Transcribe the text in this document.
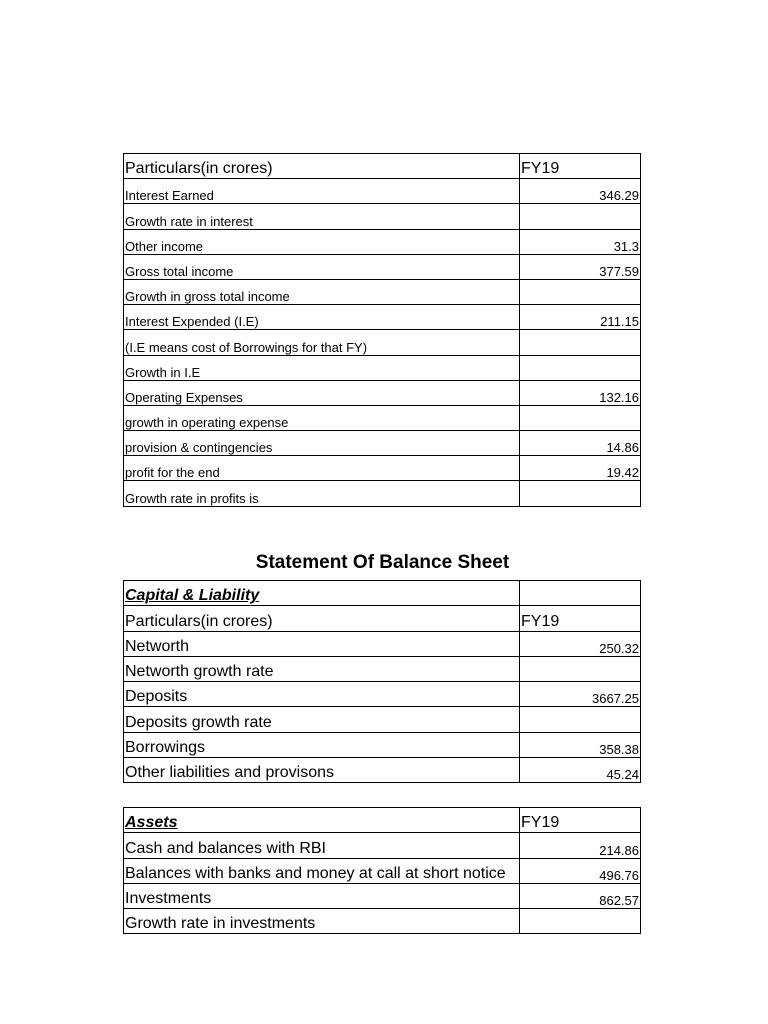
Particulars(in crores)	FY19
Interest Earned	346.29
Growth rate in interest	
Other income	31.3
Gross total income	377.59
Growth in gross total income	
Interest Expended (I.E)	211.15
(I.E means cost of Borrowings for that FY)	
Growth in I.E	
Operating Expenses	132.16
growth in operating expense	
provision & contingencies	14.86
profit for the end	19.42
Growth rate in profits is	
Statement Of Balance Sheet
Capital & Liability	
Particulars(in crores)	FY19
Networth	250.32
Networth growth rate	
Deposits	3667.25
Deposits growth rate	
Borrowings	358.38
Other liabilities and provisons	45.24
Assets	FY19
Cash and balances with RBI	214.86
Balances with banks and money at call at short notice	496.76
Investments	862.57
Growth rate in investments	
